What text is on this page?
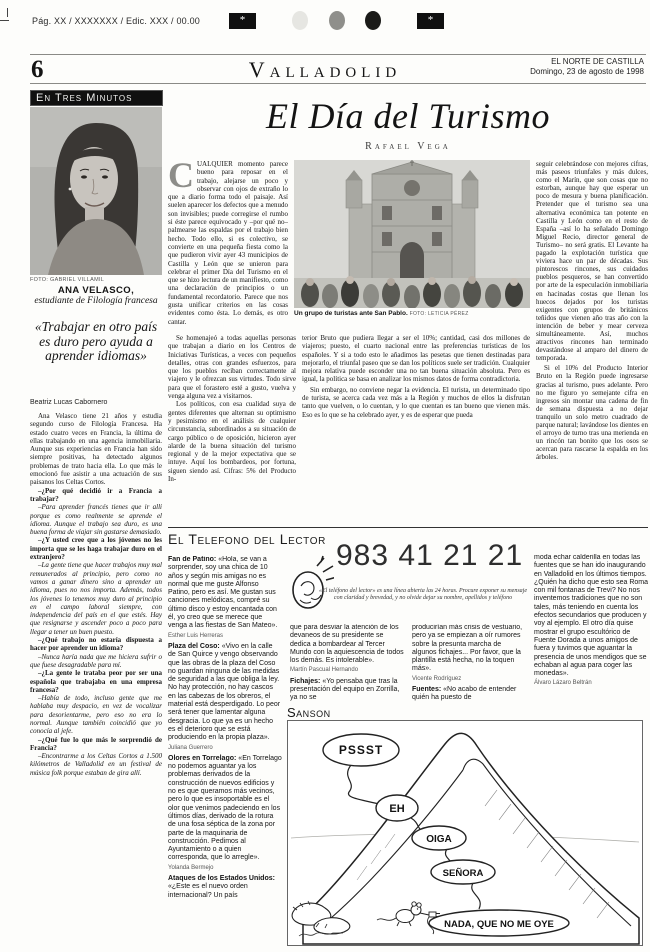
Pág. XX / XXXXXXX / Edic. XXX / 00.00	*	*
6	Valladolid	EL NORTE DE CASTILLA
Domingo, 23 de agosto de 1998
En Tres Minutos
FOTO: GABRIEL VILLAMIL
ANA VELASCO,
estudiante de Filología francesa
«Trabajar en otro país es duro pero ayuda a aprender idiomas»
Beatriz Lucas Cabornero

Ana Velasco tiene 21 años y estudia segundo curso de Filología Francesa. Ha estado cuatro veces en Francia, la última de ellas trabajando en una agencia inmobiliaria. Aunque sus experiencias en Francia han sido siempre positivas, ha detectado algunos problemas de trato hacia ella. Lo que más le emocionó fue asistir a una actuación de sus paisanos los Celtas Cortos.

–¿Por qué decidió ir a Francia a trabajar?

–Para aprender francés tienes que ir allí porque es como realmente se aprende el idioma. Aunque el trabajo sea duro, es una buena forma de viajar sin gastarse demasiado.

–¿Y usted cree que a los jóvenes no les importa que se les haga trabajar duro en el extranjero?

–La gente tiene que hacer trabajos muy mal remunerados al principio, pero como no vamos a ganar dinero sino a aprender un idioma, pues no nos importa. Además, todos los jóvenes lo tenemos muy duro al principio en el campo laboral siempre, con independencia del país en el que estés. Hay que resignarse y ascender poco a poco para llegar a tener un buen puesto.

–¿Qué trabajo no estaría dispuesta a hacer por aprender un idioma?

–Nunca haría nada que me hiciera sufrir o que fuese desagradable para mí.

–¿La gente le trataba peor por ser una española que trabajaba en una empresa francesa?

–Había de todo, incluso gente que me hablaba muy despacio, en vez de vocalizar para desorientarme, pero eso no era lo normal. Aunque también coincidió que yo conocía al jefe.

–¿Qué fue lo que más le sorprendió de Francia?

–Encontrarme a los Celtas Cortos a 1.500 kilómetros de Valladolid en un festival de música folk porque estaban de gira allí.

El Día del Turismo
Rafael Vega
CUALQUIER momento parece bueno para reposar en el trabajo, alejarse un poco y observar con ojos de extraño lo que a diario forma todo el paisaje. Así suelen aparecer los defectos que a menudo son invisibles; puede corregirse el rumbo si éste parece equivocado y –por qué no– palmearse las espaldas por el trabajo bien hecho. Todo ello, si es colectivo, se convierte en una pequeña fiesta como la que pudieron vivir ayer 43 municipios de Castilla y León que se unieron para celebrar el primer Día del Turismo en el que se hizo lectura de un manifiesto, como una declaración de principios o un fundamental recordatorio. Parece que nos gusta unificar criterios en las cosas evidentes como ésta. Lo demás, es otro cantar.
Un grupo de turistas ante San Pablo. FOTO: LETICIA PÉREZ

Se homenajeó a todas aquellas personas que trabajan a diario en los Centros de Iniciativas Turísticas, a veces con pequeños detalles, otras con grandes esfuerzos, para que los pueblos reciban correctamente al viajero y le ofrezcan sus virtudes. Todo sirve para que el forastero esté a gusto, vuelva y venga alguna vez a visitarnos.

Los políticos, con esa cualidad suya de gentes diferentes que alternan su optimismo y pesimismo en el análisis de cualquier circunstancia, subordinados a su situación de cargo público o de oposición, hicieron ayer alarde de la buena situación del turismo regional y de la mejor expectativa que se intuye. Aquí los bombardeos, por fortuna, siguen siendo así. Cifras: 5% del Producto In-

terior Bruto que pudiera llegar a ser el 10%; cantidad, casi dos millones de viajeros; puesto, el cuarto nacional entre las preferencias turísticas de los españoles. Y si a todo esto le añadimos las pesetas que tienen destinadas para mejorarlo, el triunfal paseo que se dan los políticos suele ser tradición. Cualquier mejora relativa puede esconder una no tan buena situación absoluta. Pero es igual, la política se basa en analizar los mismos datos de forma contradictoria.

Sin embargo, no conviene negar la evidencia. El turista, un determinado tipo de turista, se acerca cada vez más a la Región y muchos de ellos la disfrutan tanto que vuelven, o lo cuentan, y lo que cuentan es tan bueno que vienen más. Eso es lo que se ha celebrado ayer, y es de esperar que pueda

seguir celebrándose con mejores cifras, más paseos triunfales y más dulces, como el Marín, que son cosas que no estorban, aunque hay que esperar un poco de mesura y buena planificación. Pretender que el turismo sea una alternativa económica tan potente en Castilla y León como en el resto de España –así lo ha señalado Domingo Miguel Recio, director general de Turismo– no será gratis. El Levante ha pagado la explotación turística que viviera hace un par de décadas. Sus pintorescos rincones, sus cuidados pueblos pesqueros, se han convertido por arte de la especulación inmobiliaria en hacinadas costas que llenan los huecos dejados por los turistas exigentes con grupos de británicos teñidos que vienen año tras año con la intención de beber y mear cerveza simultáneamente. Así, muchos atractivos rincones han terminado devastándose al amparo del dinero de temporada.

Si el 10% del Producto Interior Bruto en la Región puede ingresarse gracias al turismo, pues adelante. Pero no me figuro yo semejante cifra en ingresos sin montar una cadena de fin de semana dispuesta a no dejar tranquilo un solo metro cuadrado de parque natural; lavándose los dientes en el arroyo de turno tras una merienda en un rincón tan bonito que los osos se acercan para rascarse la espalda en los árboles.

El Telefono del Lector 983 41 21 21
«El teléfono del lector» es una línea abierta las 24 horas. Procure exponer su mensaje con claridad y brevedad, y no olvide dejar su nombre, apellidos y teléfono

Fan de Patino: «Hola, se van a sorprender, soy una chica de 10 años y según mis amigas no es normal que me guste Alfonso Patino, pero es así. Me gustan sus canciones melódicas, compré su último disco y estoy encantada con él, yo creo que se merece que venga a las fiestas de San Mateo».
Esther Luis Herreras

Plaza del Coso: «Vivo en la calle de San Quirce y vengo observando que las obras de la plaza del Coso no guardan ninguna de las medidas de seguridad a las que obliga la ley. No hay protección, no hay cascos en las cabezas de los obreros, el material está desperdigado. Lo peor será tener que lamentar alguna desgracia. Lo que ya es un hecho es el deterioro que se está produciendo en la propia plaza».
Juliana Guerrero

Olores en Torrelago: «En Torrelago no podemos aguantar ya los problemas derivados de la construcción de nuevos edificios y no es que queramos más vecinos, pero lo que es insoportable es el olor que venimos padeciendo en los últimos días, derivado de la rotura de una fosa séptica de la zona por parte de la maquinaria de construcción. Pedimos al Ayuntamiento o a quien corresponda, que lo arregle».
Yolanda Bermejo

Ataques de los Estados Unidos: «¿Este es el nuevo orden internacional? Un país

que para desviar la atención de los devaneos de su presidente se dedica a bombardear al Tercer Mundo con la aquiescencia de todos los demás. Es intolerable».
Martín Pascual Hernando

Fichajes: «Yo pensaba que tras la presentación del equipo en Zorrilla, ya no se

producirían más crisis de vestuario, pero ya se empiezan a oír rumores sobre la presunta marcha de algunos fichajes... Por favor, que la plantilla está hecha, no la toquen más».
Vicente Rodríguez

Fuentes: «No acabo de entender quién ha puesto de

moda echar calderilla en todas las fuentes que se han ido inaugurando en Valladolid en los últimos tiempos. ¿Quién ha dicho que esto sea Roma con mil fontanas de Trevi? No nos inventemos tradiciones que no son tales, más teniendo en cuenta los efectos secundarios que producen y voy al ejemplo. El otro día quise mostrar el grupo escultórico de Fuente Dorada a unos amigos de fuera y tuvimos que aguantar la presencia de unos mendigos que se echaban al agua para coger las monedas».
Álvaro Lázaro Beltrán

Sanson
PSSST
EH
OIGA
SEÑORA
NADA, QUE NO ME OYE
